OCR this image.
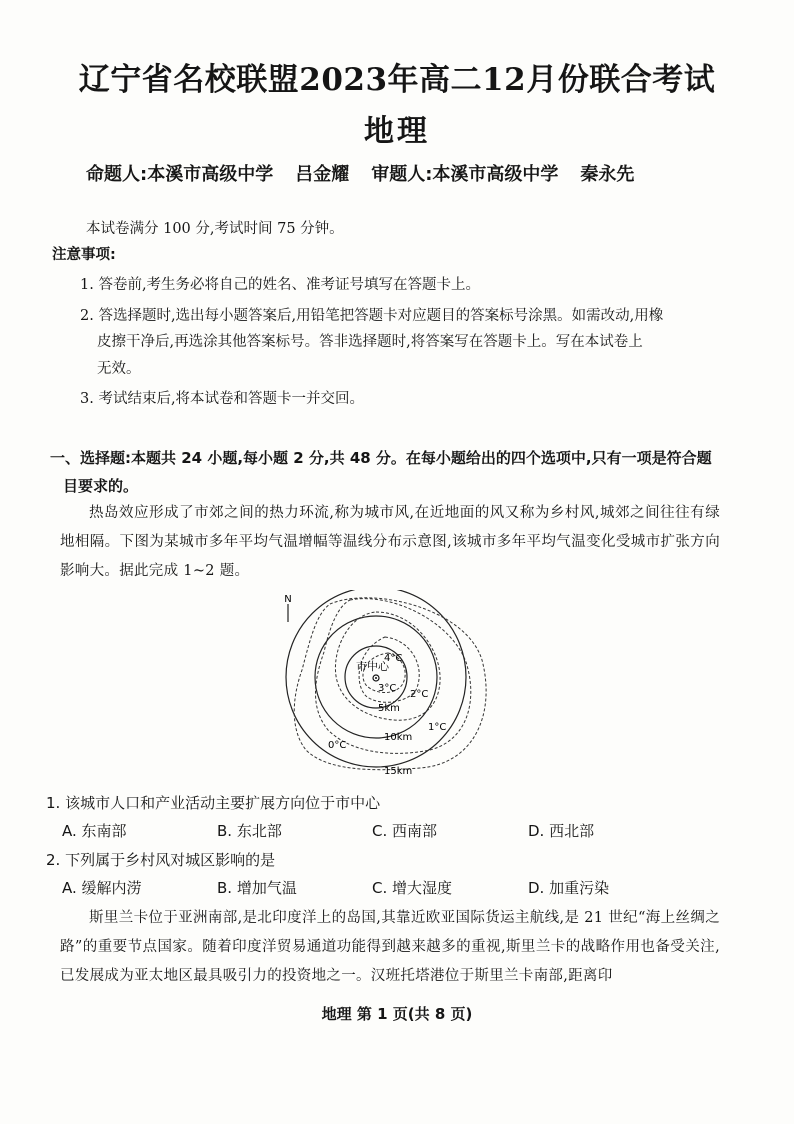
辽宁省名校联盟2023年高二12月份联合考试
地理
命题人:本溪市高级中学 吕金耀 审题人:本溪市高级中学 秦永先
本试卷满分 100 分,考试时间 75 分钟。
注意事项:
1. 答卷前,考生务必将自己的姓名、准考证号填写在答题卡上。
2. 答选择题时,选出每小题答案后,用铅笔把答题卡对应题目的答案标号涂黑。如需改动,用橡
皮擦干净后,再选涂其他答案标号。答非选择题时,将答案写在答题卡上。写在本试卷上
无效。
3. 考试结束后,将本试卷和答题卡一并交回。
一、选择题:本题共 24 小题,每小题 2 分,共 48 分。在每小题给出的四个选项中,只有一项是符合题
目要求的。

热岛效应形成了市郊之间的热力环流,称为城市风,在近地面的风又称为乡村风,城郊之间往往有绿地相隔。下图为某城市多年平均气温增幅等温线分布示意图,该城市多年平均气温变化受城市扩张方向影响大。据此完成 1~2 题。

N
市中心
4°C
3°C
2°C
1°C
0°C
5km
10km
15km
1. 该城市人口和产业活动主要扩展方向位于市中心
A. 东南部	B. 东北部	C. 西南部	D. 西北部
2. 下列属于乡村风对城区影响的是
A. 缓解内涝	B. 增加气温	C. 增大湿度	D. 加重污染

斯里兰卡位于亚洲南部,是北印度洋上的岛国,其靠近欧亚国际货运主航线,是 21 世纪“海上丝绸之路”的重要节点国家。随着印度洋贸易通道功能得到越来越多的重视,斯里兰卡的战略作用也备受关注,已发展成为亚太地区最具吸引力的投资地之一。汉班托塔港位于斯里兰卡南部,距离印

地理 第 1 页(共 8 页)
